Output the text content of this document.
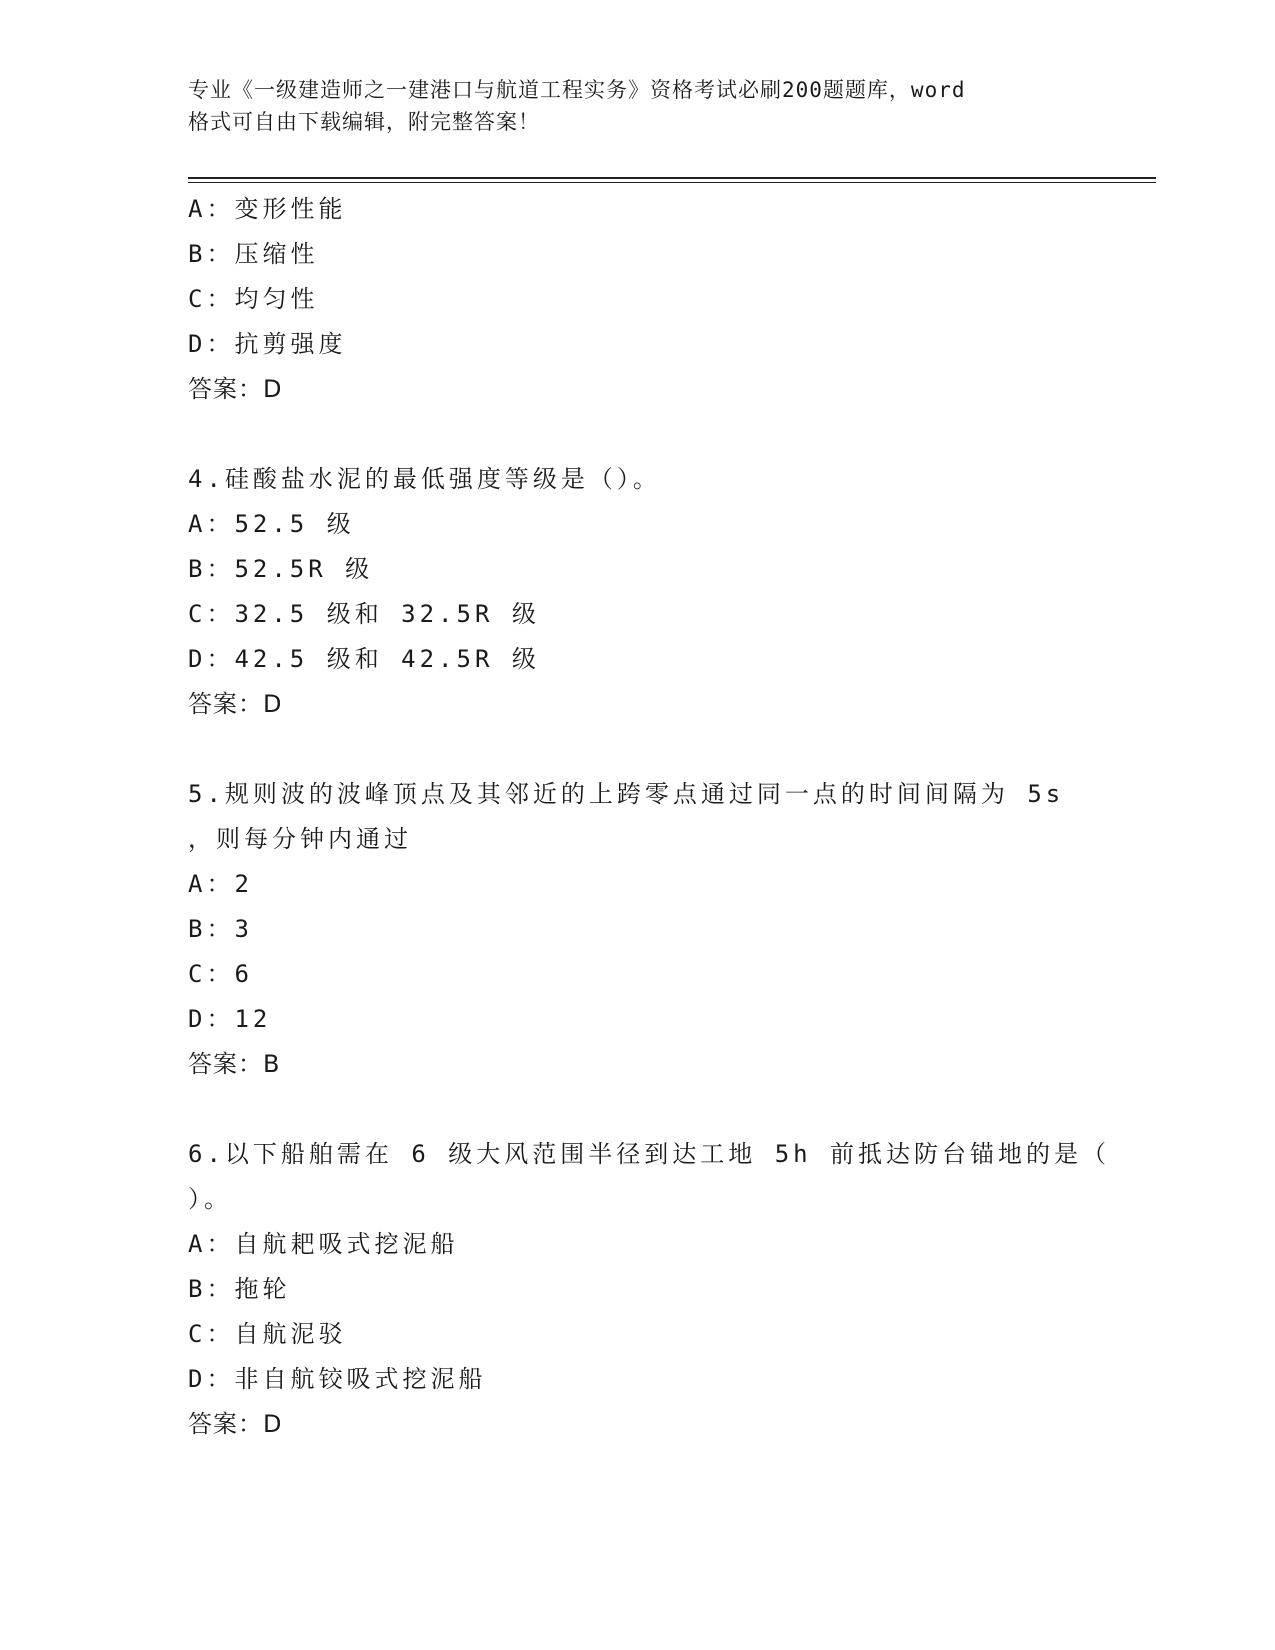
专业《一级建造师之一建港口与航道工程实务》资格考试必刷200题题库，word
格式可自由下载编辑，附完整答案！
A：变形性能
B：压缩性
C：均匀性
D：抗剪强度
答案：D
4.硅酸盐水泥的最低强度等级是（）。
A：52.5 级
B：52.5R 级
C：32.5 级和 32.5R 级
D：42.5 级和 42.5R 级
答案：D
5.规则波的波峰顶点及其邻近的上跨零点通过同一点的时间间隔为 5s
，则每分钟内通过
A：2
B：3
C：6
D：12
答案：B
6.以下船舶需在 6 级大风范围半径到达工地 5h 前抵达防台锚地的是（
）。
A：自航耙吸式挖泥船
B：拖轮
C：自航泥驳
D：非自航铰吸式挖泥船
答案：D
